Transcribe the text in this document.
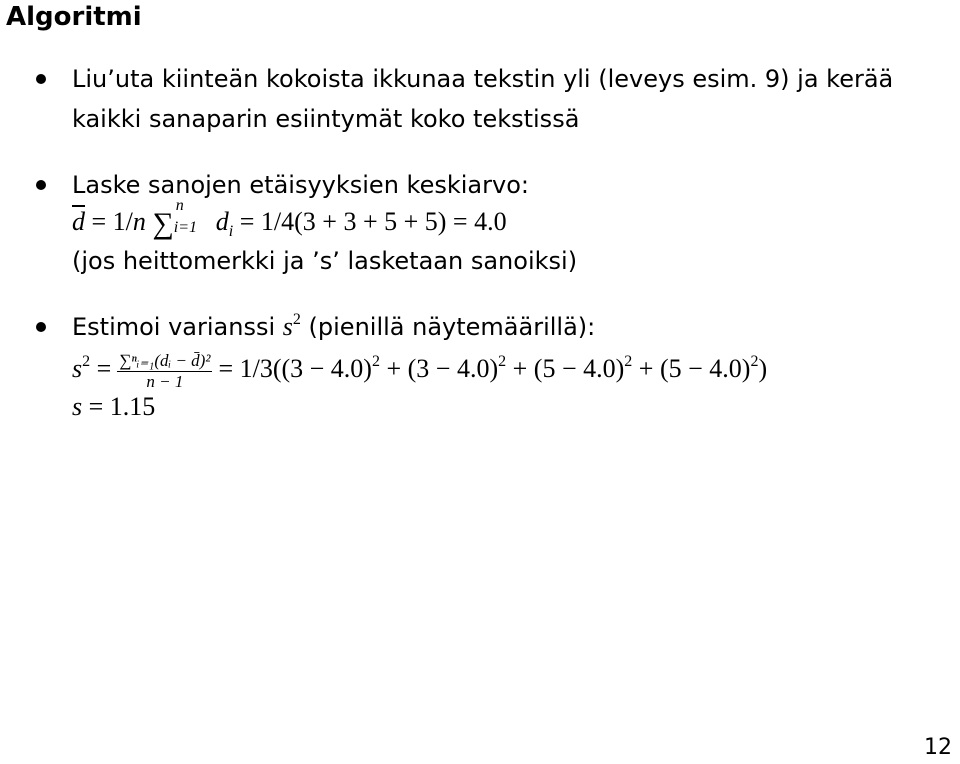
Algoritmi
Liu’uta kiinteän kokoista ikkunaa tekstin yli (leveys esim. 9) ja kerää
kaikki sanaparin esiintymät koko tekstissä
Laske sanojen etäisyyksien keskiarvo:
$\overline{d} = 1/n$ ∑
n
i=1 $d_i = 1/4(3 + 3 + 5 + 5) = 4.0$
(jos heittomerkki ja ’s’ lasketaan sanoiksi)
Estimoi varianssi $s^2$ (pienillä näytemäärillä):
$s^2 = \frac{\text{∑ⁿᵢ₌₁(dᵢ − d̄)²}}{n - 1} = 1/3((3 - 4.0)^2 + (3 - 4.0)^2 + (5 - 4.0)^2 + (5 - 4.0)^2)$
s = 1.15
12
